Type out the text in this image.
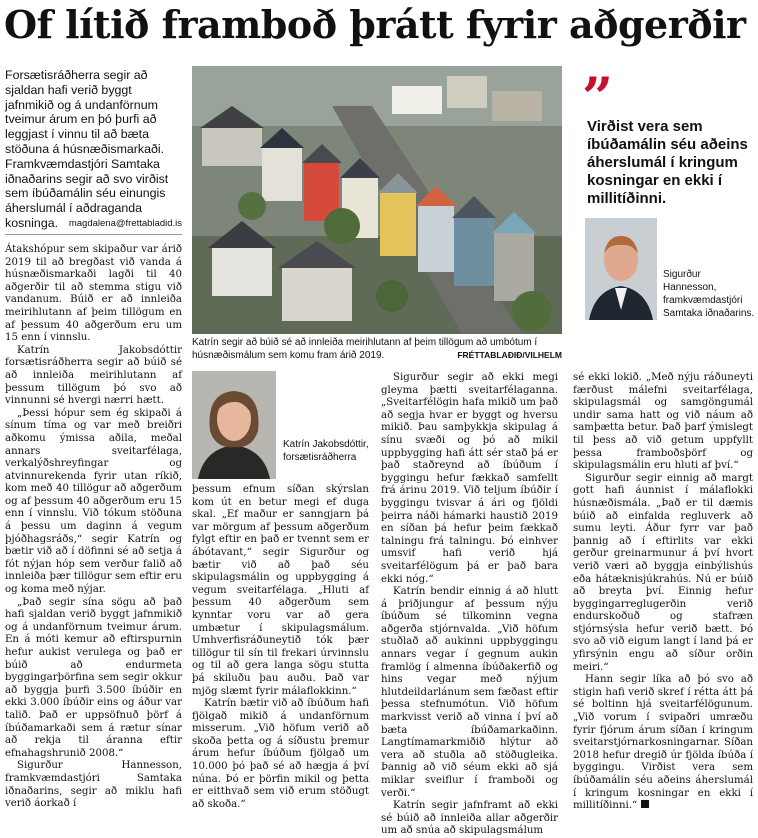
Of lítið framboð þrátt fyrir aðgerðir
Forsætisráðherra segir að sjaldan hafi verið byggt jafnmikið og á undanförnum tveimur árum en þó þurfi að leggjast í vinnu til að bæta stöðuna á húsnæðismarkaði. Framkvæmdastjóri Samtaka iðnaðarins segir að svo virðist sem íbúðamálin séu einungis áherslumál í aðdraganda kosninga.	magdalena@frettabladid.is
Katrín segir að búið sé að innleiða meirihlutann af þeim tillögum að umbótum í húsnæðismálum sem komu fram árið 2019.	FRÉTTABLAÐIÐ/VILHELM
”
Virðist vera sem íbúðamálin séu aðeins áherslumál í kringum kosningar en ekki í millitíðinni.
Sigurður Hannesson, framkvæmdastjóri Samtaka iðnaðarins.
Katrín Jakobsdóttir, forsætisráðherra

Átakshópur sem skipaður var árið 2019 til að bregðast við vanda á húsnæðismarkaði lagði til 40 aðgerðir til að stemma stigu við vandanum. Búið er að innleiða meirihlutann af þeim tillögum en af þessum 40 aðgerðum eru um 15 enn í vinnslu.

Katrín Jakobsdóttir forsætisráðherra segir að búið sé að innleiða meirihlutann af þessum tillögum þó svo að vinnunni sé hvergi nærri hætt.

„Þessi hópur sem ég skipaði á sínum tíma og var með breiðri aðkomu ýmissa aðila, meðal annars sveitarfélaga, verkalýðshreyfingar og atvinnurekenda fyrir utan ríkið, kom með 40 tillögur að aðgerðum og af þessum 40 aðgerðum eru 15 enn í vinnslu. Við tókum stöðuna á þessu um daginn á vegum þjóðhagsráðs,“ segir Katrín og bætir við að í döfinni sé að setja á fót nýjan hóp sem verður falið að innleiða þær tillögur sem eftir eru og koma með nýjar.

„Það segir sína sögu að það hafi sjaldan verið byggt jafnmikið og á undanförnum tveimur árum. En á móti kemur að eftirspurnin hefur aukist verulega og það er búið að endurmeta byggingarþörfina sem segir okkur að byggja þurfi 3.500 íbúðir en ekki 3.000 íbúðir eins og áður var talið. Það er uppsöfnuð þörf á íbúðamarkaði sem á rætur sínar að rekja til áranna eftir efnahagshrunið 2008.“

Sigurður Hannesson, framkvæmdastjóri Samtaka iðnaðarins, segir að miklu hafi verið áorkað í

þessum efnum síðan skýrslan kom út en betur megi ef duga skal. „Ef maður er sanngjarn þá var mörgum af þessum aðgerðum fylgt eftir en það er tvennt sem er ábótavant,“ segir Sigurður og bætir við að það séu skipulagsmálin og uppbygging á vegum sveitarfélaga. „Hluti af þessum 40 aðgerðum sem kynntar voru var að gera umbætur í skipulagsmálum. Umhverfisráðuneytið tók þær tillögur til sín til frekari úrvinnslu og til að gera langa sögu stutta þá skiluðu þau auðu. Það var mjög slæmt fyrir málaflokkinn.“

Katrín bætir við að íbúðum hafi fjölgað mikið á undanförnum misserum. „Við höfum verið að skoða þetta og á síðustu þremur árum hefur íbúðum fjölgað um 10.000 þó það sé að hægja á því núna. Þó er þörfin mikil og þetta er eitthvað sem við erum stöðugt að skoða.“

Sigurður segir að ekki megi gleyma þætti sveitarfélaganna. „Sveitarfélögin hafa mikið um það að segja hvar er byggt og hversu mikið. Þau samþykkja skipulag á sínu svæði og þó að mikil uppbygging hafi átt sér stað þá er það staðreynd að íbúðum í byggingu hefur fækkað samfellt frá árinu 2019. Við teljum íbúðir í byggingu tvisvar á ári og fjöldi þeirra náði hámarki haustið 2019 en síðan þá hefur þeim fækkað talningu frá talningu. Þó einhver umsvif hafi verið hjá sveitarfélögum þá er það bara ekki nóg.“

Katrín bendir einnig á að hlutt á þriðjungur af þessum nýju íbúðum sé tilkominn vegna aðgerða stjórnvalda. „Við höfum stuðlað að aukinni uppbyggingu annars vegar í gegnum aukin framlög í almenna íbúðakerfið og hins vegar með nýjum hlutdeildarlánum sem fæðast eftir þessa stefnumótun. Við höfum markvisst verið að vinna í því að bæta íbúðamarkaðinn. Langtímamarkmiðið hlýtur að vera að stuðla að stöðugleika. Þannig að við séum ekki að sjá miklar sveiflur í framboði og verði.“

Katrín segir jafnframt að ekki sé búið að innleiða allar aðgerðir um að snúa að skipulagsmálum

sé ekki lokið. „Með nýju ráðuneyti færðust málefni sveitarfélaga, skipulagsmál og samgöngumál undir sama hatt og við náum að samþætta betur. Það þarf ýmislegt til þess að við getum uppfyllt þessa framboðsþörf og skipulagsmálin eru hluti af því.“

Sigurður segir einnig að margt gott hafi áunnist í málaflokki húsnæðismála. „Það er til dæmis búið að einfalda regluverk að sumu leyti. Áður fyrr var það þannig að í eftirlits var ekki gerður greinarmunur á því hvort verið væri að byggja einbýlishús eða hátæknisjúkrahús. Nú er búið að breyta því. Einnig hefur byggingarreglugerðin verið endurskoðuð og stafræn stjórnsýsla hefur verið bætt. Þó svo að við eigum langt í land þá er yfirsýnin engu að síður orðin meiri.“

Hann segir líka að þó svo að stigin hafi verið skref í rétta átt þá sé boltinn hjá sveitarfélögunum. „Við vorum í svipaðri umræðu fyrir fjórum árum síðan í kringum sveitarstjórnarkosningarnar. Síðan 2018 hefur dregið úr fjölda íbúða í byggingu. Virðist vera sem íbúðamálin séu aðeins áherslumál í kringum kosningar en ekki í millitíðinni.“
